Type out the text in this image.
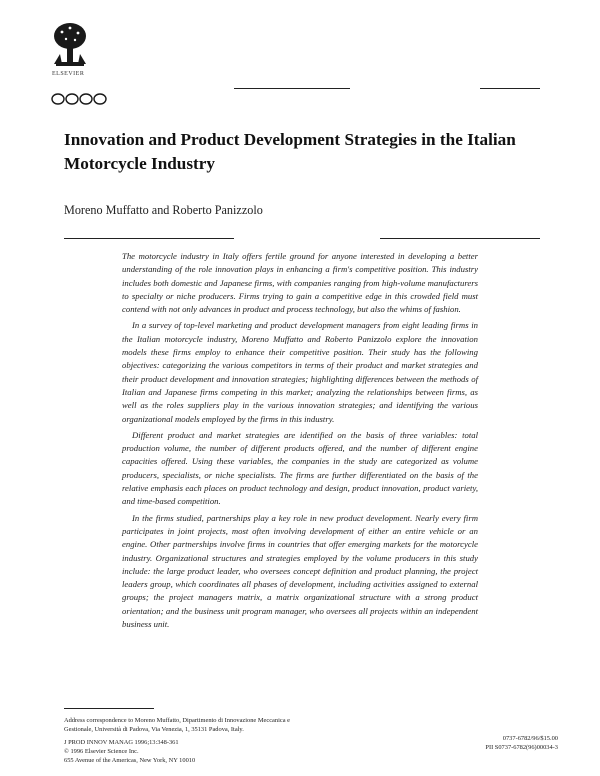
ELSEVIER
Innovation and Product Development Strategies in the Italian Motorcycle Industry
Moreno Muffatto and Roberto Panizzolo

The motorcycle industry in Italy offers fertile ground for anyone interested in developing a better understanding of the role innovation plays in enhancing a firm's competitive position. This industry includes both domestic and Japanese firms, with companies ranging from high-volume manufacturers to specialty or niche producers. Firms trying to gain a competitive edge in this crowded field must contend with not only advances in product and process technology, but also the whims of fashion.

In a survey of top-level marketing and product development managers from eight leading firms in the Italian motorcycle industry, Moreno Muffatto and Roberto Panizzolo explore the innovation models these firms employ to enhance their competitive position. Their study has the following objectives: categorizing the various competitors in terms of their product and market strategies and their product development and innovation strategies; highlighting differences between the methods of Italian and Japanese firms competing in this market; analyzing the relationships between firms, as well as the roles suppliers play in the various innovation strategies; and identifying the various organizational models employed by the firms in this industry.

Different product and market strategies are identified on the basis of three variables: total production volume, the number of different products offered, and the number of different engine capacities offered. Using these variables, the companies in the study are categorized as volume producers, specialists, or niche specialists. The firms are further differentiated on the basis of the relative emphasis each places on product technology and design, product innovation, product variety, and time-based competition.

In the firms studied, partnerships play a key role in new product development. Nearly every firm participates in joint projects, most often involving development of either an entire vehicle or an engine. Other partnerships involve firms in countries that offer emerging markets for the motorcycle industry. Organizational structures and strategies employed by the volume producers in this study include: the large product leader, who oversees concept definition and product planning, the project leaders group, which coordinates all phases of development, including activities assigned to external groups; the project managers matrix, a matrix organizational structure with a strong product orientation; and the business unit program manager, who oversees all projects within an independent business unit.

Address correspondence to Moreno Muffatto, Dipartimento di Innovazione Meccanica e Gestionale, Università di Padova, Via Venezia, 1, 35131 Padova, Italy.
J PROD INNOV MANAG 1996;13:348-361
© 1996 Elsevier Science Inc.
655 Avenue of the Americas, New York, NY 10010
0737-6782/96/$15.00
PII S0737-6782(96)00034-3
